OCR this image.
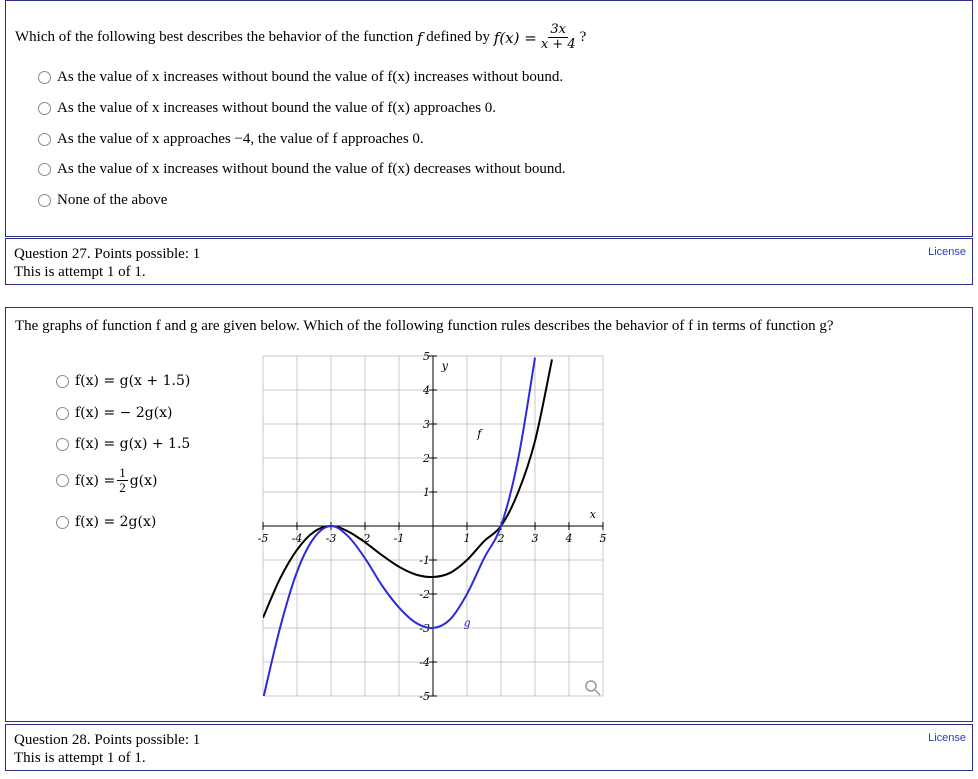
Which of the following best describes the behavior of the function
f
defined by
$f(x) = \frac{3x}{x + 4}$ ?
As the value of x increases without bound the value of f(x) increases without bound.
As the value of x increases without bound the value of f(x) approaches 0.
As the value of x approaches −4, the value of f approaches 0.
As the value of x increases without bound the value of f(x) decreases without bound.
None of the above
Question 27. Points possible: 1
This is attempt 1 of 1.
License
The graphs of function f and g are given below. Which of the following function rules describes the behavior of f in terms of function g?
f(x) = g(x + 1.5)
f(x) = − 2g(x)
f(x) = g(x) + 1.5
$f(x) = \frac{1}{2} g(x)$
f(x) = 2g(x)
-5 -4 -3 -2 -1	1 2 3 4 5
5
4
3
2
1
-1
-2
-3
-4
-5
x
y
f
g
Question 28. Points possible: 1
This is attempt 1 of 1.
License
